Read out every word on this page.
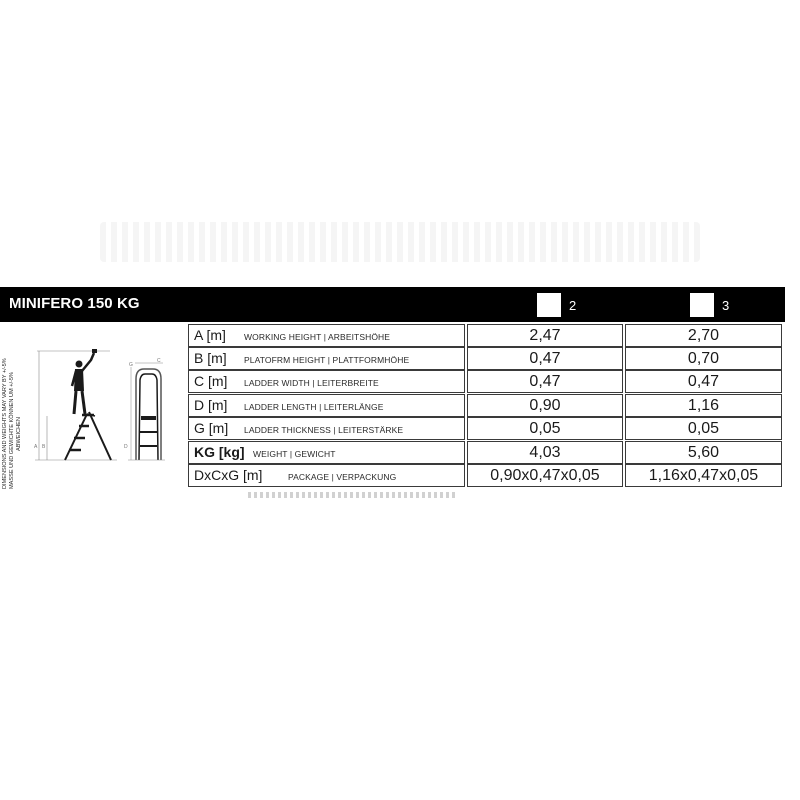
MINIFERO 150 KG	2	3
DIMENSIONS AND WEIGHTS MAY VARY BY +/-5% MASSE UND GEWICHTE KÖNNEN UM +/-5% ABWEICHEN A B
G
C
D
A [m] WORKING HEIGHT | ARBEITSHÖHE	2,47	2,70
B [m] PLATOFRM HEIGHT | PLATTFORMHÖHE	0,47	0,70
C [m] LADDER WIDTH | LEITERBREITE	0,47	0,47
D [m] LADDER LENGTH | LEITERLÄNGE	0,90	1,16
G [m] LADDER THICKNESS | LEITERSTÄRKE	0,05	0,05
KG [kg] WEIGHT | GEWICHT	4,03	5,60
DxCxG [m]	PACKAGE | VERPACKUNG	0,90x0,47x0,05	1,16x0,47x0,05
